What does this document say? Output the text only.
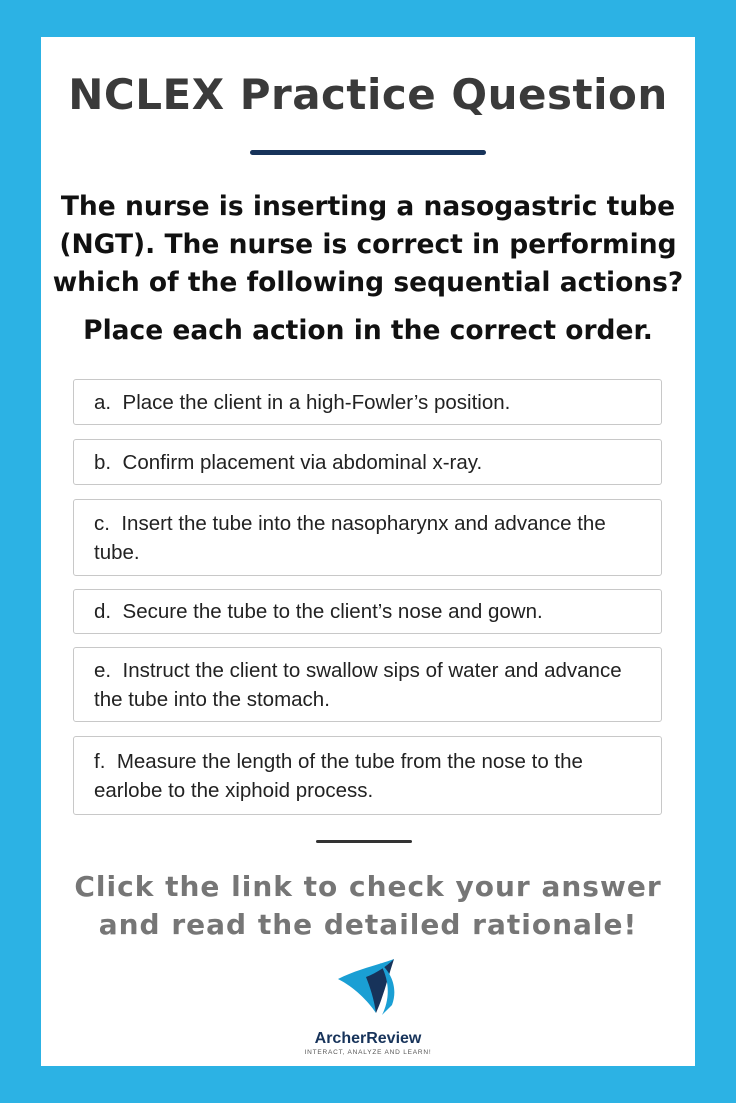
NCLEX Practice Question

The nurse is inserting a nasogastric tube (NGT). The nurse is correct in performing which of the following sequential actions?

Place each action in the correct order.

a. Place the client in a high-Fowler’s position.
b. Confirm placement via abdominal x-ray.
c. Insert the tube into the nasopharynx and advance the tube.
d. Secure the tube to the client’s nose and gown.
e. Instruct the client to swallow sips of water and advance the tube into the stomach.
f. Measure the length of the tube from the nose to the earlobe to the xiphoid process.

Click the link to check your answer and read the detailed rationale!

ArcherReview

INTERACT, ANALYZE AND LEARN!
